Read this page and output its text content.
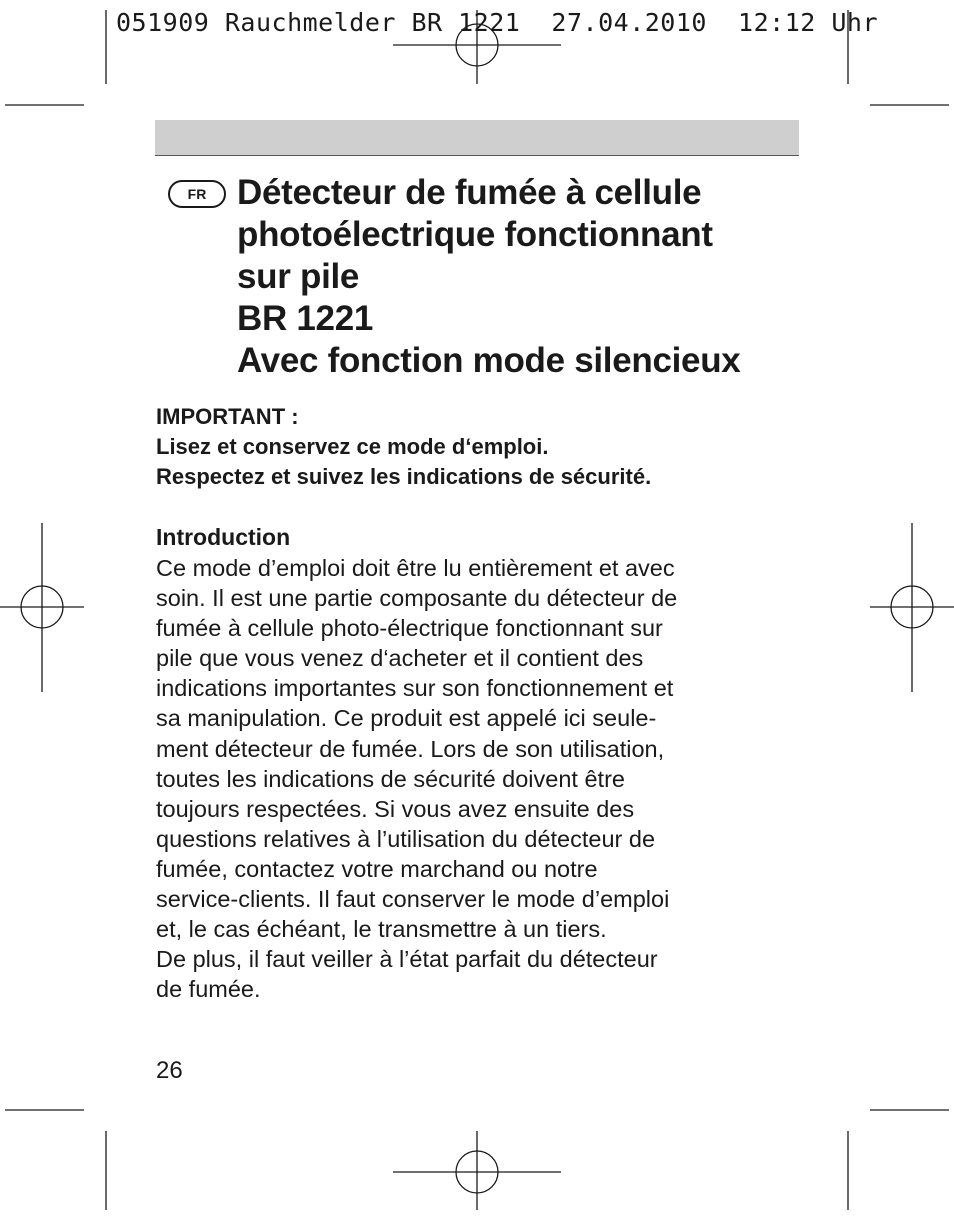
051909 Rauchmelder BR 1221  27.04.2010  12:12 Uhr
FR Détecteur de fumée à cellule
photoélectrique fonctionnant
sur pile
BR 1221
Avec fonction mode silencieux
IMPORTANT :
Lisez et conservez ce mode d‘emploi.
Respectez et suivez les indications de sécurité.
Introduction
Ce mode d’emploi doit être lu entièrement et avec
soin. Il est une partie composante du détecteur de
fumée à cellule photo-électrique fonctionnant sur
pile que vous venez d‘acheter et il contient des
indications importantes sur son fonctionnement et
sa manipulation. Ce produit est appelé ici seule-
ment détecteur de fumée. Lors de son utilisation,
toutes les indications de sécurité doivent être
toujours respectées. Si vous avez ensuite des
questions relatives à l’utilisation du détecteur de
fumée, contactez votre marchand ou notre
service-clients. Il faut conserver le mode d’emploi
et, le cas échéant, le transmettre à un tiers.
De plus, il faut veiller à l’état parfait du détecteur
de fumée.
26
